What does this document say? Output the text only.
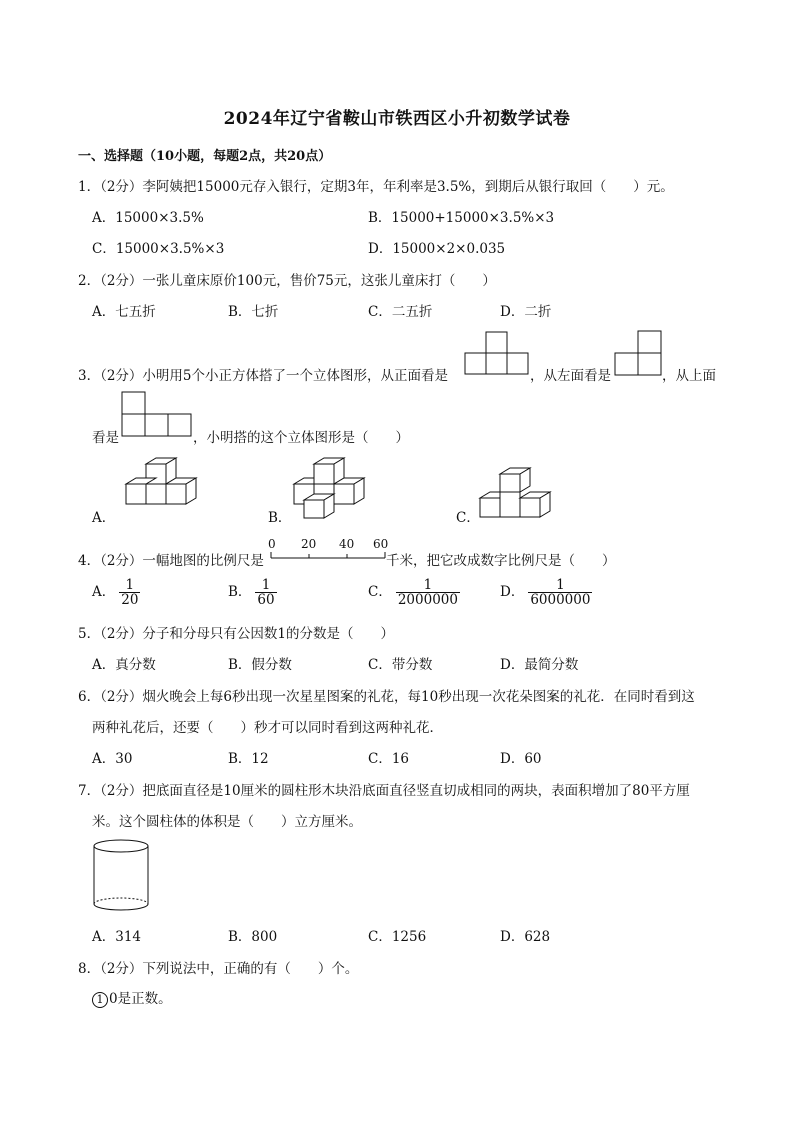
2024年辽宁省鞍山市铁西区小升初数学试卷
一、选择题（10小题，每题2点，共20点）
1．（2分）李阿姨把15000元存入银行，定期3年，年利率是3.5%，到期后从银行取回（　　）元。
A．15000×3.5%	B．15000+15000×3.5%×3
C．15000×3.5%×3	D．15000×2×0.035
2．（2分）一张儿童床原价100元，售价75元，这张儿童床打（　　）
A．七五折	B．七折	C．二五折	D．二折
3．（2分）小明用5个小正方体搭了一个立体图形，从正面看是	，从左面看是	，从上面
看是	，小明搭的这个立体图形是（　　）
A．	B．	C．
4．（2分）一幅地图的比例尺是
0 20 40 60
千米，把它改成数字比例尺是（　　）
A． $\frac{1}{20}$	B． $\frac{1}{60}$	C． $\frac{1}{2000000}$	D． $\frac{1}{6000000}$
5．（2分）分子和分母只有公因数1的分数是（　　）
A．真分数	B．假分数	C．带分数	D．最简分数
6．（2分）烟火晚会上每6秒出现一次星星图案的礼花，每10秒出现一次花朵图案的礼花．在同时看到这
两种礼花后，还要（　　）秒才可以同时看到这两种礼花．
A．30	B．12	C．16	D．60
7．（2分）把底面直径是10厘米的圆柱形木块沿底面直径竖直切成相同的两块，表面积增加了80平方厘
米。这个圆柱体的体积是（　　）立方厘米。
A．314	B．800	C．1256	D．628
8．（2分）下列说法中，正确的有（　　）个。
1 0是正数。
